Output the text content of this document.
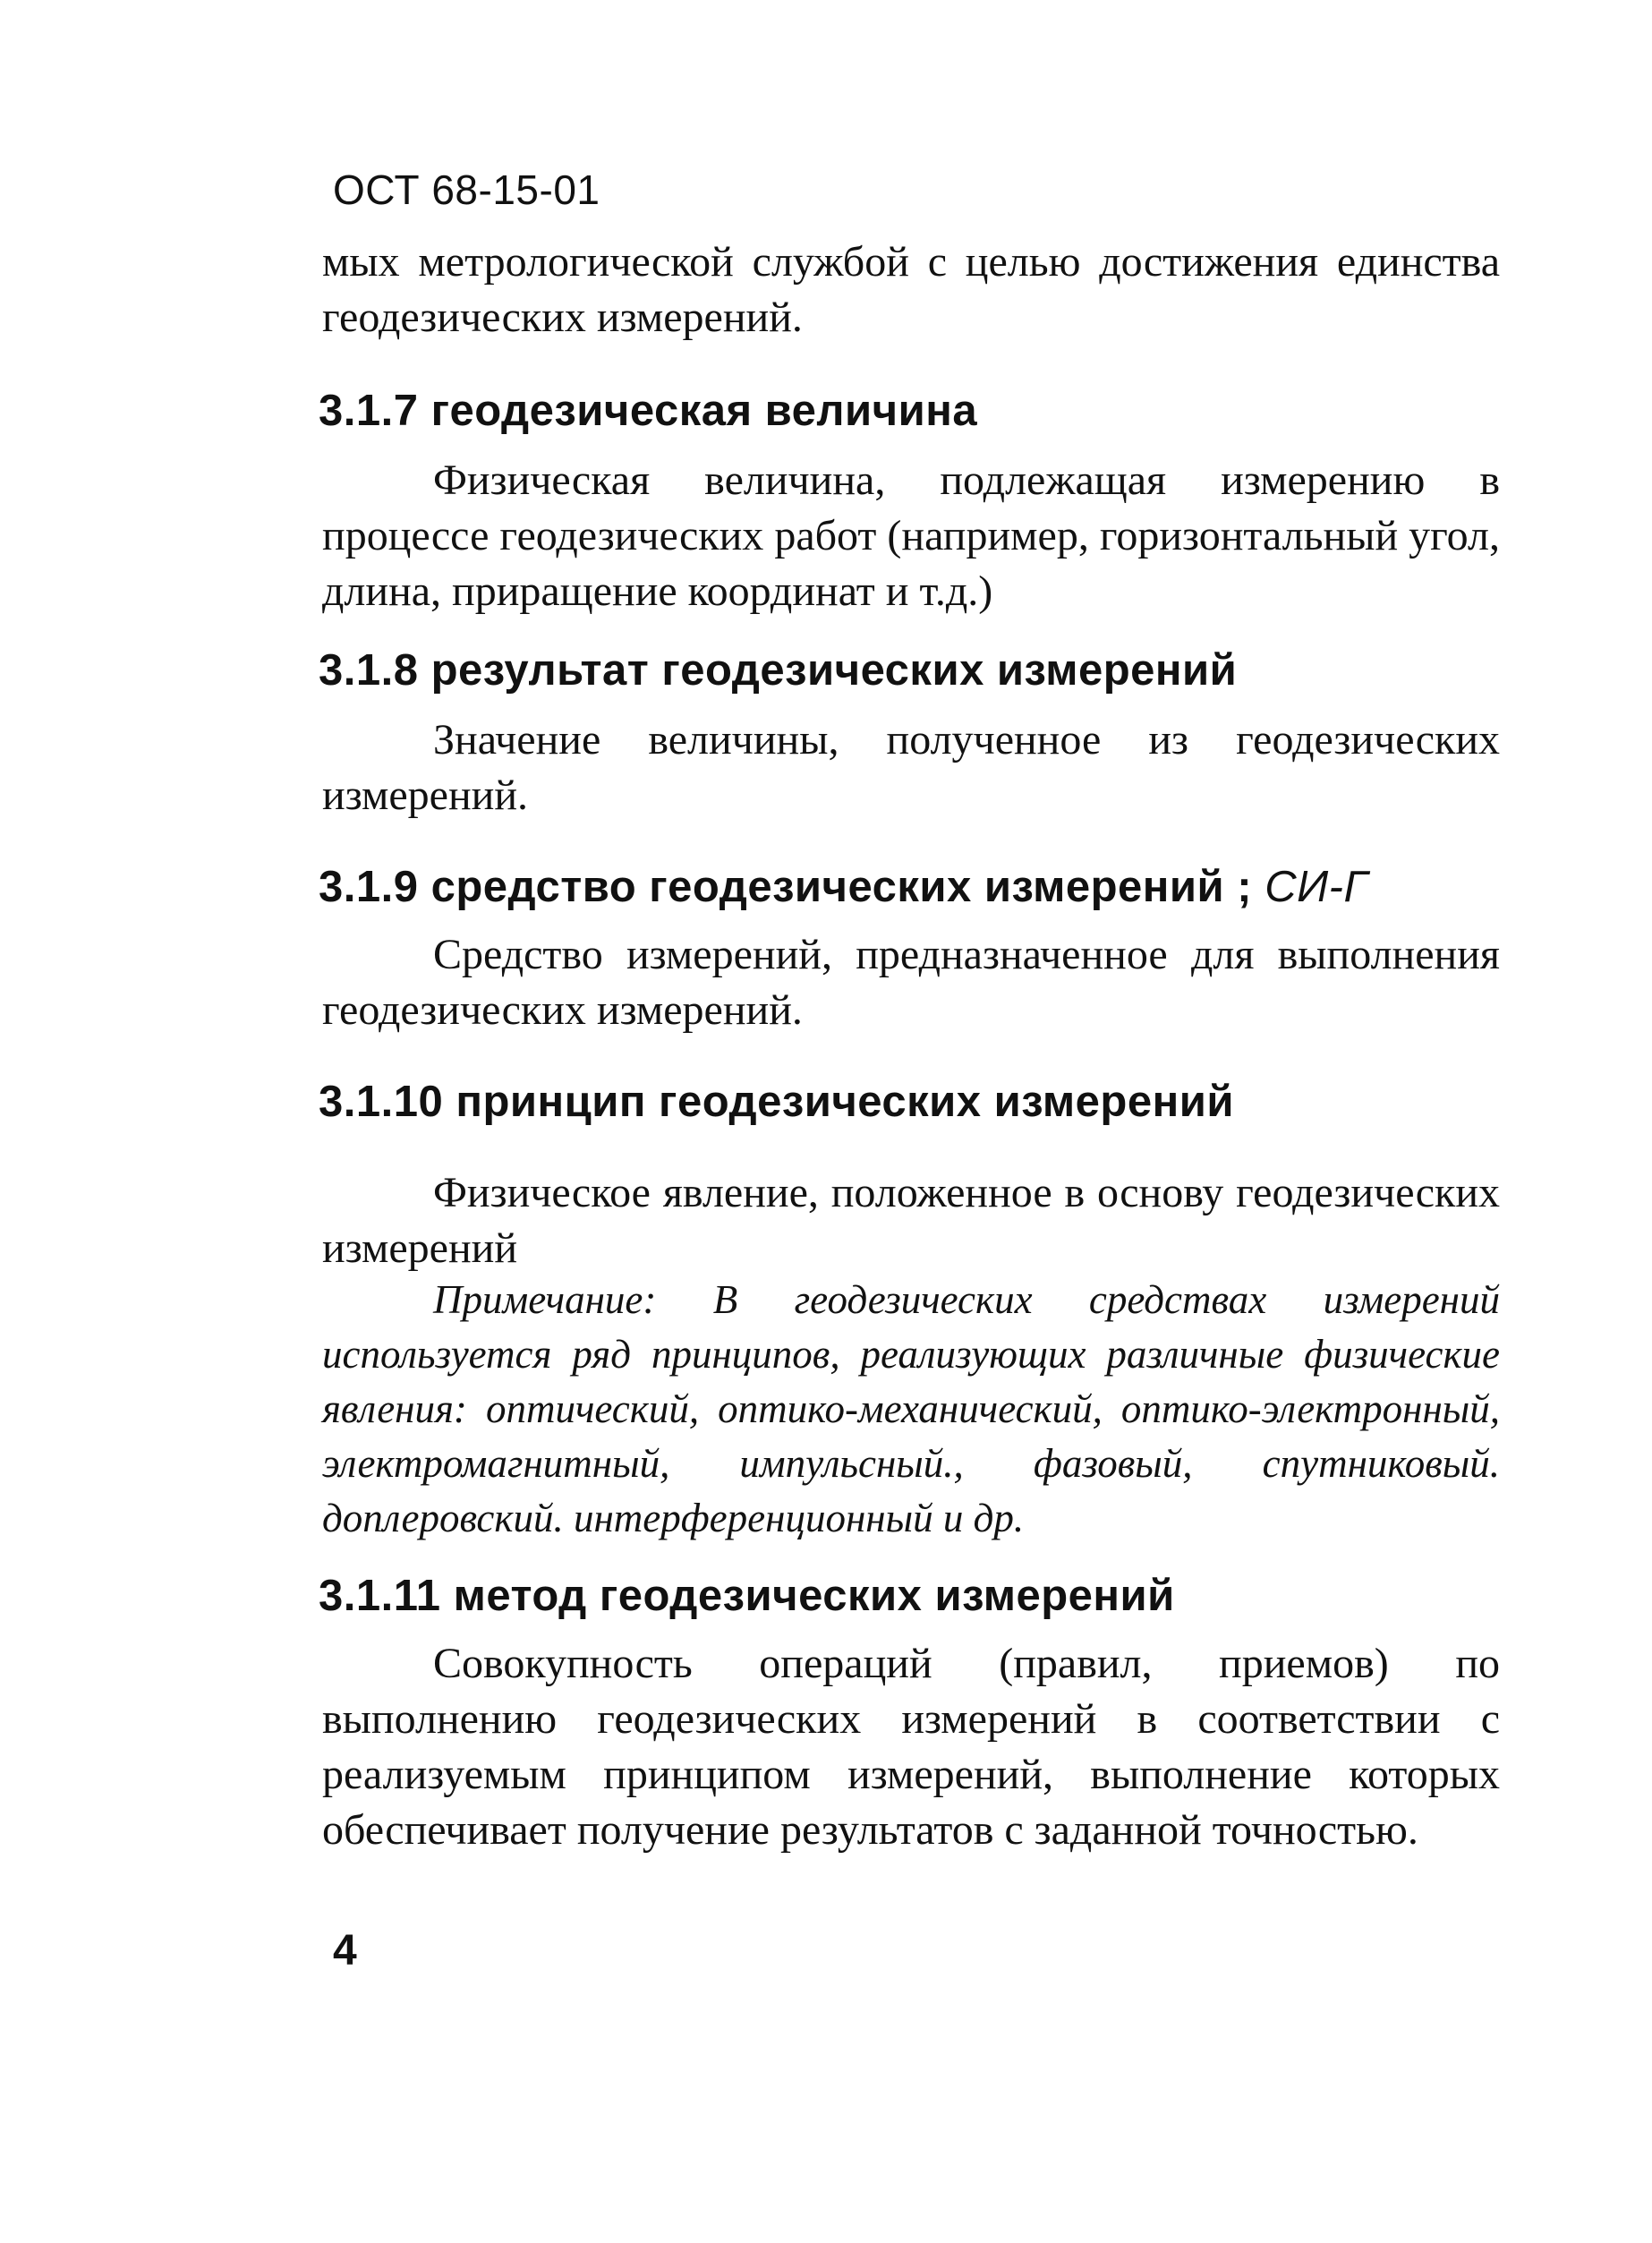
ОСТ 68-15-01
мых метрологической службой с целью достижения единства геодезических измерений.
3.1.7 геодезическая величина
Физическая величина, подлежащая измерению в процессе геодезических работ (например, горизонтальный угол, длина, приращение координат и т.д.)
3.1.8 результат геодезических измерений
Значение величины, полученное из геодезических измерений.
3.1.9 средство геодезических измерений ; СИ-Г
Средство измерений, предназначенное для выполнения геодезических измерений.
3.1.10 принцип геодезических измерений
Физическое явление, положенное в основу геодезических измерений
Примечание: В геодезических средствах измерений используется ряд принципов, реализующих различные физические явления: оптический, оптико-механический, оптико-электронный, электромагнитный, импульсный., фазовый, спутниковый. доплеровский. интерференционный и др.
3.1.11 метод геодезических измерений
Совокупность операций (правил, приемов) по выполнению геодезических измерений в соответствии с реализуемым принципом измерений, выполнение которых обеспечивает получение результатов с заданной точностью.
4
